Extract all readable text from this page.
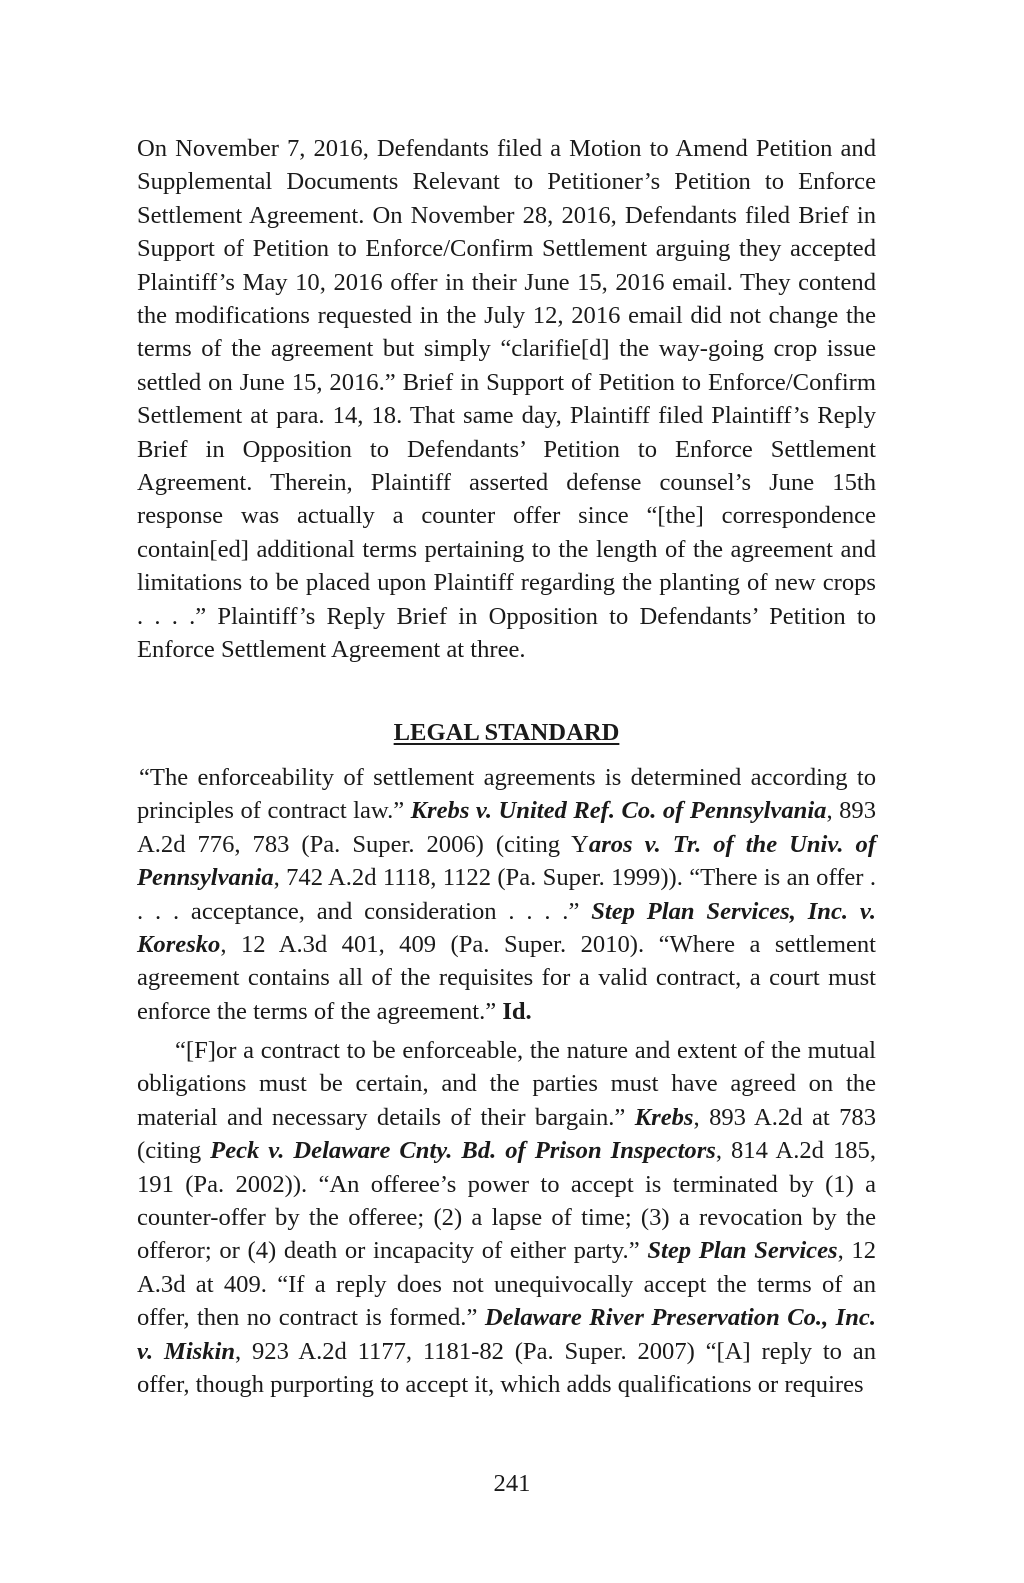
On November 7, 2016, Defendants filed a Motion to Amend Petition and Supplemental Documents Relevant to Petitioner’s Petition to Enforce Settlement Agreement. On November 28, 2016, Defendants filed Brief in Support of Petition to Enforce/Confirm Settlement arguing they accepted Plaintiff’s May 10, 2016 offer in their June 15, 2016 email. They contend the modifications requested in the July 12, 2016 email did not change the terms of the agreement but simply “clarifie[d] the way-going crop issue settled on June 15, 2016.” Brief in Support of Petition to Enforce/Confirm Settlement at para. 14, 18. That same day, Plaintiff filed Plaintiff’s Reply Brief in Opposition to Defendants’ Petition to Enforce Settlement Agreement. Therein, Plaintiff asserted defense counsel’s June 15th response was actually a counter offer since “[the] correspondence contain[ed] additional terms pertaining to the length of the agreement and limitations to be placed upon Plaintiff regarding the planting of new crops . . . .” Plaintiff’s Reply Brief in Opposition to Defendants’ Petition to Enforce Settlement Agreement at three.

LEGAL STANDARD

“The enforceability of settlement agreements is determined according to principles of contract law.” Krebs v. United Ref. Co. of Pennsylvania, 893 A.2d 776, 783 (Pa. Super. 2006) (citing Yaros v. Tr. of the Univ. of Pennsylvania, 742 A.2d 1118, 1122 (Pa. Super. 1999)). “There is an offer . . . . acceptance, and consideration . . . .” Step Plan Services, Inc. v. Koresko, 12 A.3d 401, 409 (Pa. Super. 2010). “Where a settlement agreement contains all of the requisites for a valid contract, a court must enforce the terms of the agreement.” Id.

“[F]or a contract to be enforceable, the nature and extent of the mutual obligations must be certain, and the parties must have agreed on the material and necessary details of their bargain.” Krebs, 893 A.2d at 783 (citing Peck v. Delaware Cnty. Bd. of Prison Inspectors, 814 A.2d 185, 191 (Pa. 2002)). “An offeree’s power to accept is terminated by (1) a counter-offer by the offeree; (2) a lapse of time; (3) a revocation by the offeror; or (4) death or incapacity of either party.” Step Plan Services, 12 A.3d at 409. “If a reply does not unequivocally accept the terms of an offer, then no contract is formed.” Delaware River Preservation Co., Inc. v. Miskin, 923 A.2d 1177, 1181-82 (Pa. Super. 2007) “[A] reply to an offer, though purporting to accept it, which adds qualifications or requires

241
